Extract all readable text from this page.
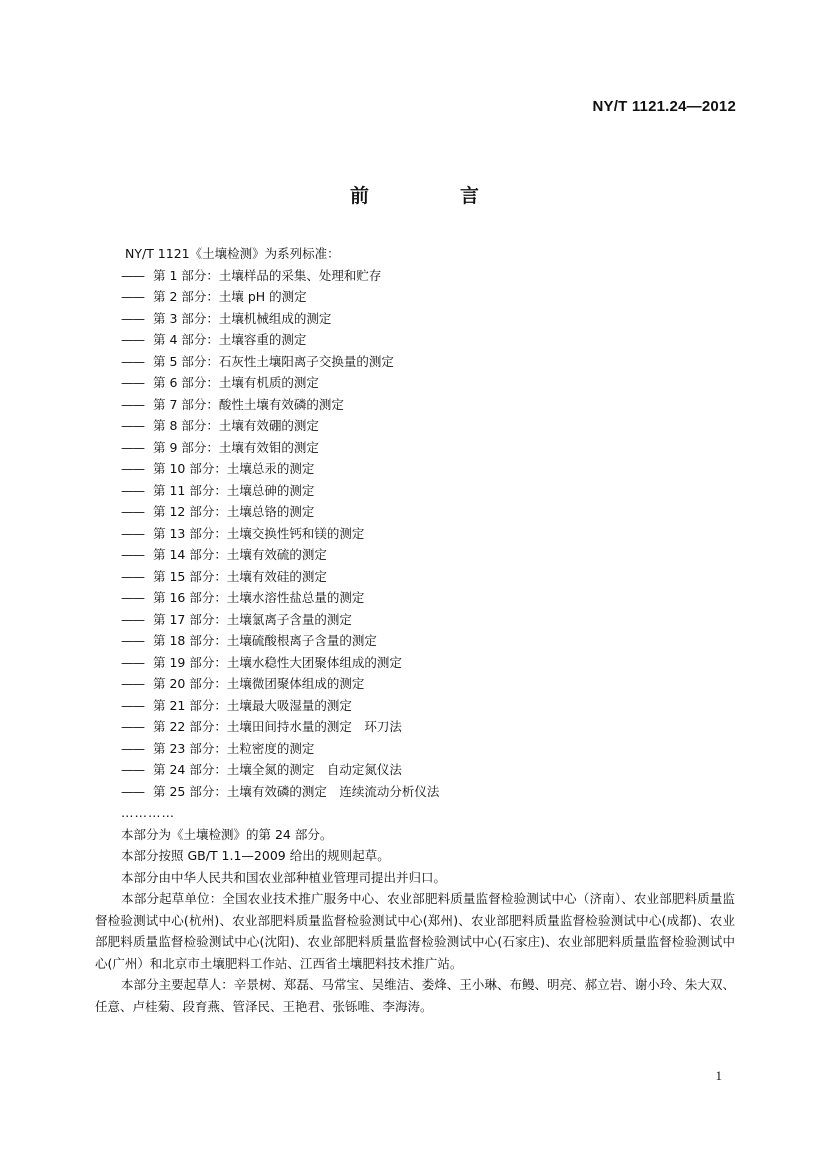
NY/T 1121.24—2012
前　言
NY/T 1121《土壤检测》为系列标准：
—— 第 1 部分：土壤样品的采集、处理和贮存
—— 第 2 部分：土壤 pH 的测定
—— 第 3 部分：土壤机械组成的测定
—— 第 4 部分：土壤容重的测定
—— 第 5 部分：石灰性土壤阳离子交换量的测定
—— 第 6 部分：土壤有机质的测定
—— 第 7 部分：酸性土壤有效磷的测定
—— 第 8 部分：土壤有效硼的测定
—— 第 9 部分：土壤有效钼的测定
—— 第 10 部分：土壤总汞的测定
—— 第 11 部分：土壤总砷的测定
—— 第 12 部分：土壤总铬的测定
—— 第 13 部分：土壤交换性钙和镁的测定
—— 第 14 部分：土壤有效硫的测定
—— 第 15 部分：土壤有效硅的测定
—— 第 16 部分：土壤水溶性盐总量的测定
—— 第 17 部分：土壤氯离子含量的测定
—— 第 18 部分：土壤硫酸根离子含量的测定
—— 第 19 部分：土壤水稳性大团聚体组成的测定
—— 第 20 部分：土壤微团聚体组成的测定
—— 第 21 部分：土壤最大吸湿量的测定
—— 第 22 部分：土壤田间持水量的测定　环刀法
—— 第 23 部分：土粒密度的测定
—— 第 24 部分：土壤全氮的测定　自动定氮仪法
—— 第 25 部分：土壤有效磷的测定　连续流动分析仪法
…………
本部分为《土壤检测》的第 24 部分。
本部分按照 GB/T 1.1—2009 给出的规则起草。
本部分由中华人民共和国农业部种植业管理司提出并归口。
本部分起草单位：全国农业技术推广服务中心、农业部肥料质量监督检验测试中心（济南）、农业部肥料质量监督检验测试中心(杭州)、农业部肥料质量监督检验测试中心(郑州)、农业部肥料质量监督检验测试中心(成都)、农业部肥料质量监督检验测试中心(沈阳)、农业部肥料质量监督检验测试中心(石家庄)、农业部肥料质量监督检验测试中心(广州）和北京市土壤肥料工作站、江西省土壤肥料技术推广站。
本部分主要起草人：辛景树、郑磊、马常宝、吴维洁、娄烽、王小琳、布鳗、明亮、郝立岩、谢小玲、朱大双、任意、卢桂菊、段育燕、管泽民、王艳君、张铄唯、李海涛。
1
